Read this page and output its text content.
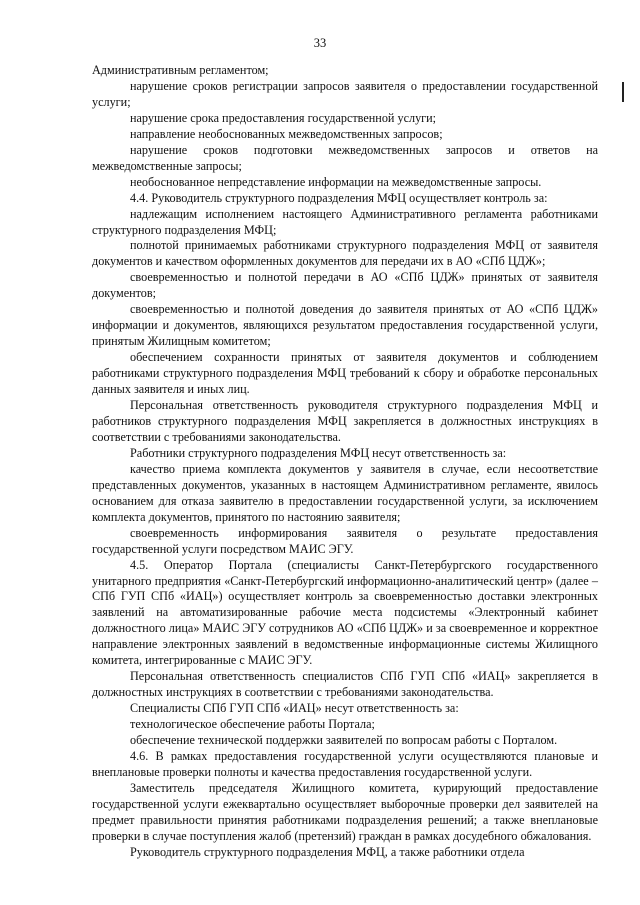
33

Административным регламентом;

нарушение сроков регистрации запросов заявителя о предоставлении государственной услуги;

нарушение срока предоставления государственной услуги;

направление необоснованных межведомственных запросов;

нарушение сроков подготовки межведомственных запросов и ответов на межведомственные запросы;

необоснованное непредставление информации на межведомственные запросы.

4.4. Руководитель структурного подразделения МФЦ осуществляет контроль за:

надлежащим исполнением настоящего Административного регламента работниками структурного подразделения МФЦ;

полнотой принимаемых работниками структурного подразделения МФЦ от заявителя документов и качеством оформленных документов для передачи их в АО «СПб ЦДЖ»;

своевременностью и полнотой передачи в АО «СПб ЦДЖ» принятых от заявителя документов;

своевременностью и полнотой доведения до заявителя принятых от АО «СПб ЦДЖ» информации и документов, являющихся результатом предоставления государственной услуги, принятым Жилищным комитетом;

обеспечением сохранности принятых от заявителя документов и соблюдением работниками структурного подразделения МФЦ требований к сбору и обработке персональных данных заявителя и иных лиц.

Персональная ответственность руководителя структурного подразделения МФЦ и работников структурного подразделения МФЦ закрепляется в должностных инструкциях в соответствии с требованиями законодательства.

Работники структурного подразделения МФЦ несут ответственность за:

качество приема комплекта документов у заявителя в случае, если несоответствие представленных документов, указанных в настоящем Административном регламенте, явилось основанием для отказа заявителю в предоставлении государственной услуги, за исключением комплекта документов, принятого по настоянию заявителя;

своевременность информирования заявителя о результате предоставления государственной услуги посредством МАИС ЭГУ.

4.5. Оператор Портала (специалисты Санкт-Петербургского государственного унитарного предприятия «Санкт-Петербургский информационно-аналитический центр» (далее – СПб ГУП СПб «ИАЦ») осуществляет контроль за своевременностью доставки электронных заявлений на автоматизированные рабочие места подсистемы «Электронный кабинет должностного лица» МАИС ЭГУ сотрудников АО «СПб ЦДЖ» и за своевременное и корректное направление электронных заявлений в ведомственные информационные системы Жилищного комитета, интегрированные с МАИС ЭГУ.

Персональная ответственность специалистов СПб ГУП СПб «ИАЦ» закрепляется в должностных инструкциях в соответствии с требованиями законодательства.

Специалисты СПб ГУП СПб «ИАЦ» несут ответственность за:

технологическое обеспечение работы Портала;

обеспечение технической поддержки заявителей по вопросам работы с Порталом.

4.6. В рамках предоставления государственной услуги осуществляются плановые и внеплановые проверки полноты и качества предоставления государственной услуги.

Заместитель председателя Жилищного комитета, курирующий предоставление государственной услуги ежеквартально осуществляет выборочные проверки дел заявителей на предмет правильности принятия работниками подразделения решений; а также внеплановые проверки в случае поступления жалоб (претензий) граждан в рамках досудебного обжалования.

Руководитель структурного подразделения МФЦ, а также работники отдела
